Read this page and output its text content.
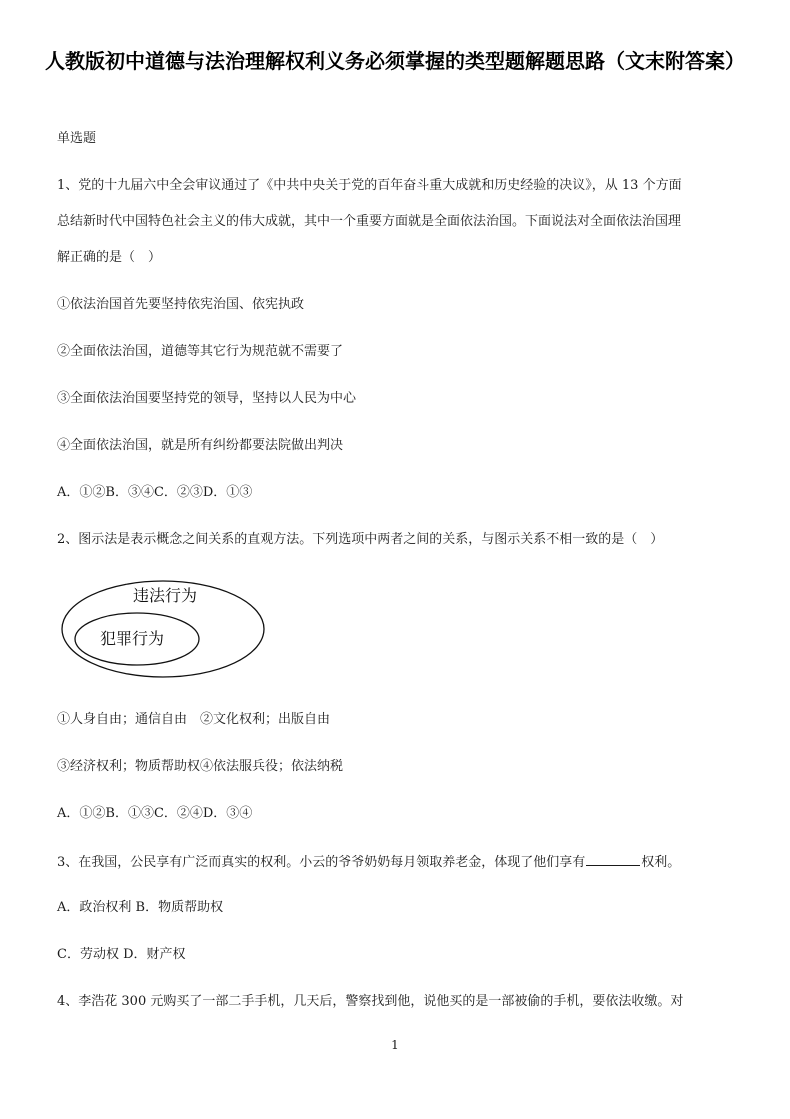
人教版初中道德与法治理解权利义务必须掌握的类型题解题思路（文末附答案）
单选题
1、党的十九届六中全会审议通过了《中共中央关于党的百年奋斗重大成就和历史经验的决议》，从 13 个方面
总结新时代中国特色社会主义的伟大成就，其中一个重要方面就是全面依法治国。下面说法对全面依法治国理
解正确的是（　）
①依法治国首先要坚持依宪治国、依宪执政
②全面依法治国，道德等其它行为规范就不需要了
③全面依法治国要坚持党的领导，坚持以人民为中心
④全面依法治国，就是所有纠纷都要法院做出判决
A．①②B．③④C．②③D．①③
2、图示法是表示概念之间关系的直观方法。下列选项中两者之间的关系，与图示关系不相一致的是（　）
违法行为
犯罪行为
①人身自由；通信自由　②文化权利；出版自由
③经济权利；物质帮助权④依法服兵役；依法纳税
A．①②B．①③C．②④D．③④
3、在我国，公民享有广泛而真实的权利。小云的爷爷奶奶每月领取养老金，体现了他们享有	权利。
A．政治权利 B．物质帮助权
C．劳动权 D．财产权
4、李浩花 300 元购买了一部二手手机，几天后，警察找到他，说他买的是一部被偷的手机，要依法收缴。对
1
